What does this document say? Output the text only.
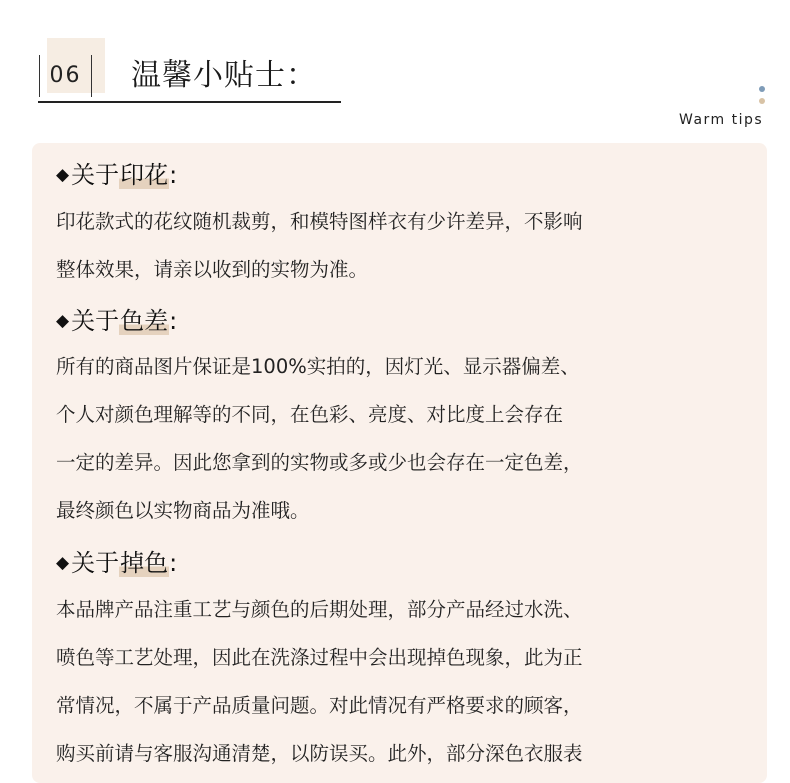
06	温馨小贴士：
Warm tips
◆关于印花:
印花款式的花纹随机裁剪，和模特图样衣有少许差异，不影响
整体效果，请亲以收到的实物为准。
◆关于色差:
所有的商品图片保证是100%实拍的，因灯光、显示器偏差、
个人对颜色理解等的不同，在色彩、亮度、对比度上会存在
一定的差异。因此您拿到的实物或多或少也会存在一定色差，
最终颜色以实物商品为准哦。
◆关于掉色:
本品牌产品注重工艺与颜色的后期处理，部分产品经过水洗、
喷色等工艺处理，因此在洗涤过程中会出现掉色现象，此为正
常情况，不属于产品质量问题。对此情况有严格要求的顾客，
购买前请与客服沟通清楚，以防误买。此外，部分深色衣服表
